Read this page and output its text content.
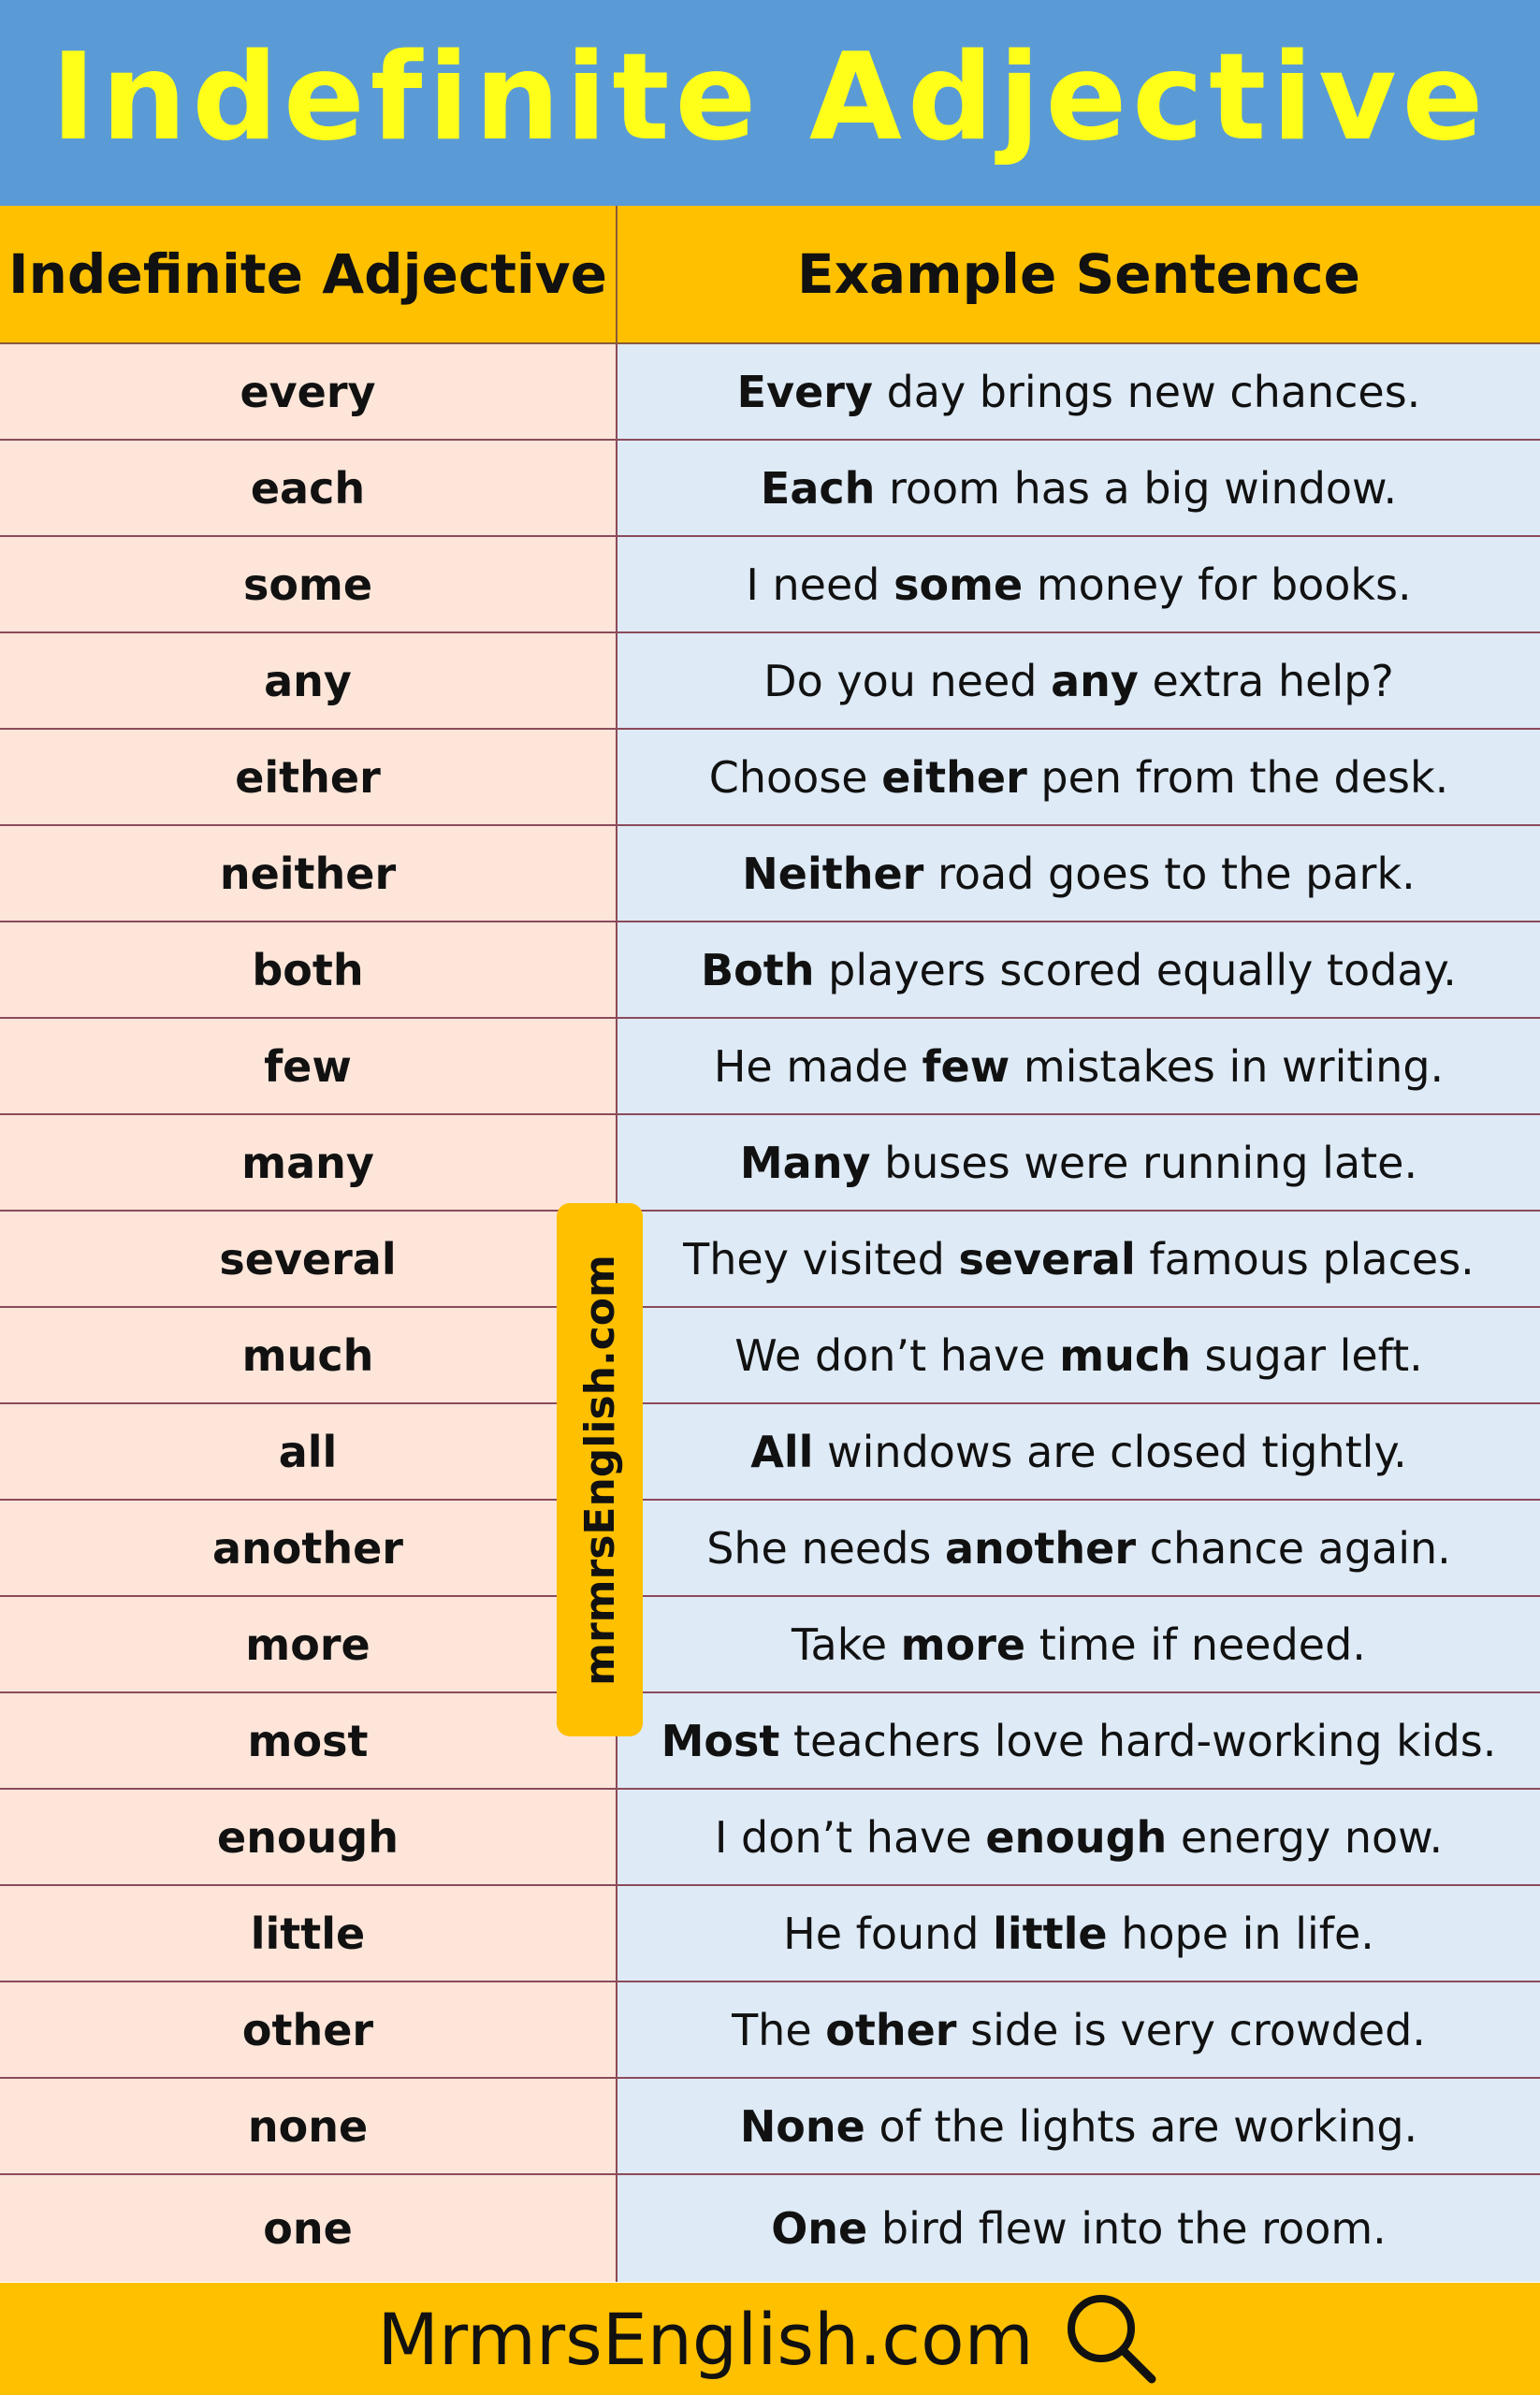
Indefinite Adjective
Indefinite Adjective	Example Sentence
every	Every day brings new chances.
each	Each room has a big window.
some	I need some money for books.
any	Do you need any extra help?
either	Choose either pen from the desk.
neither	Neither road goes to the park.
both	Both players scored equally today.
few	He made few mistakes in writing.
many	Many buses were running late.
several	They visited several famous places.
much	We don’t have much sugar left.
all	All windows are closed tightly.
another	She needs another chance again.
more	Take more time if needed.
most	Most teachers love hard-working kids.
enough	I don’t have enough energy now.
little	He found little hope in life.
other	The other side is very crowded.
none	None of the lights are working.
one	One bird flew into the room.
mrmrsEnglish.com
MrmrsEnglish.com
